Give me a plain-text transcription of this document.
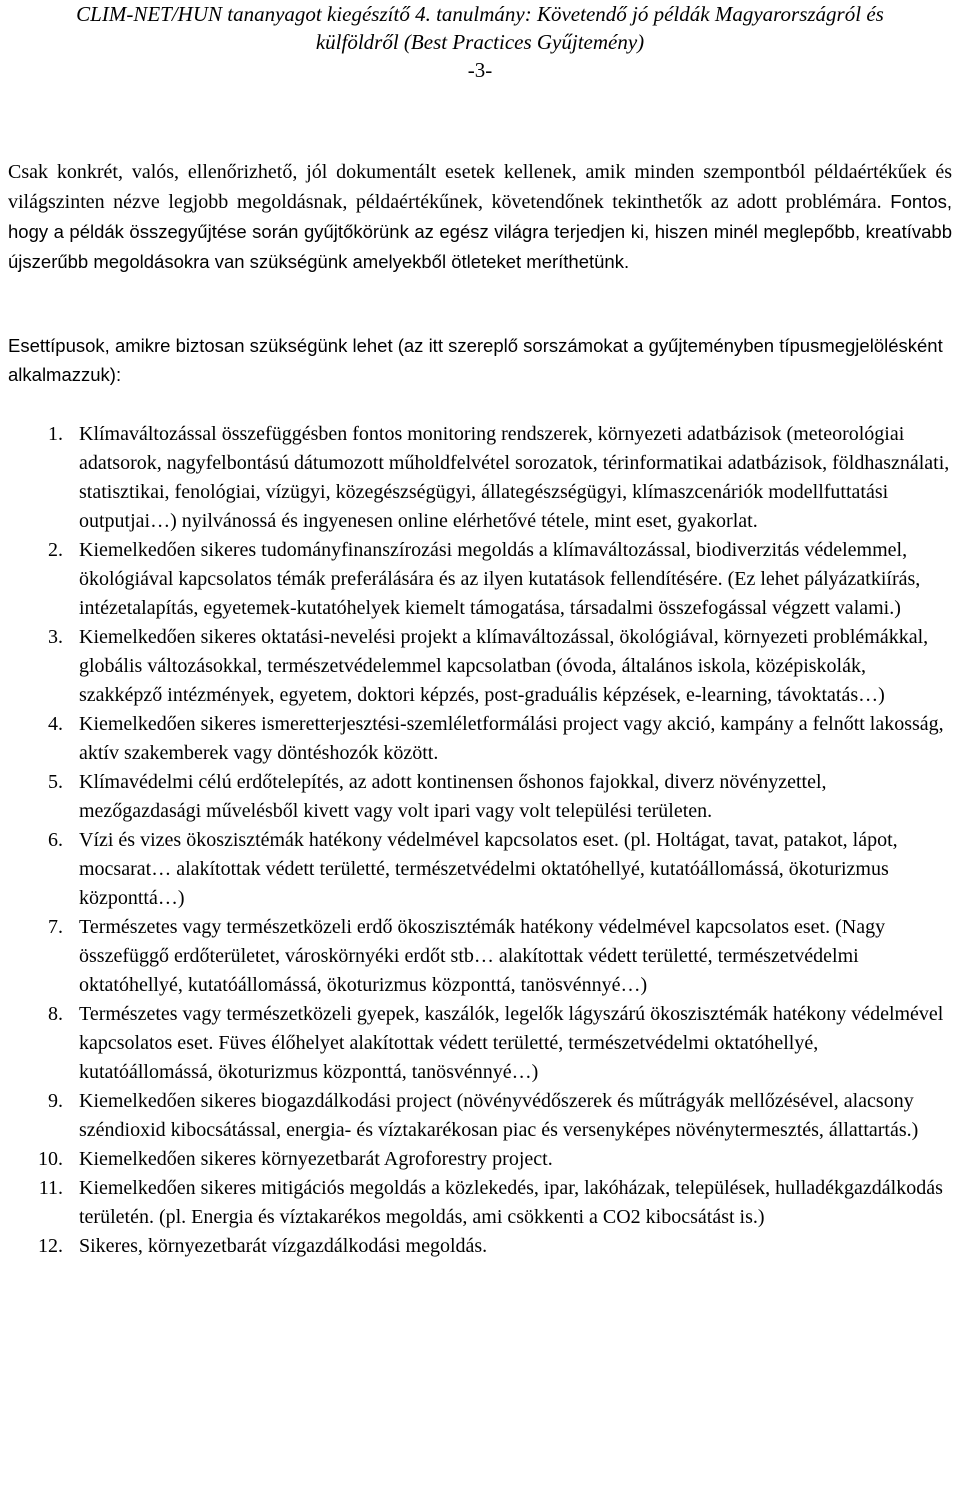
CLIM-NET/HUN tananyagot kiegészítő 4. tanulmány: Követendő jó példák Magyarországról és
külföldről (Best Practices Gyűjtemény)
-3-

Csak konkrét, valós, ellenőrizhető, jól dokumentált esetek kellenek, amik minden szempontból példaértékűek és világszinten nézve legjobb megoldásnak, példaértékűnek, követendőnek tekinthetők az adott problémára. Fontos, hogy a példák összegyűjtése során gyűjtőkörünk az egész világra terjedjen ki, hiszen minél meglepőbb, kreatívabb újszerűbb megoldásokra van szükségünk amelyekből ötleteket meríthetünk.

Esettípusok, amikre biztosan szükségünk lehet (az itt szereplő sorszámokat a gyűjteményben típusmegjelölésként alkalmazzuk):

1. Klímaváltozással összefüggésben fontos monitoring rendszerek, környezeti adatbázisok (meteorológiai adatsorok, nagyfelbontású dátumozott műholdfelvétel sorozatok, térinformatikai adatbázisok, földhasználati, statisztikai, fenológiai, vízügyi, közegészségügyi, állategészségügyi, klímaszcenáriók modellfuttatási outputjai…) nyilvánossá és ingyenesen online elérhetővé tétele, mint eset, gyakorlat.
2. Kiemelkedően sikeres tudományfinanszírozási megoldás a klímaváltozással, biodiverzitás védelemmel, ökológiával kapcsolatos témák preferálására és az ilyen kutatások fellendítésére. (Ez lehet pályázatkiírás, intézetalapítás, egyetemek-kutatóhelyek kiemelt támogatása, társadalmi összefogással végzett valami.)
3. Kiemelkedően sikeres oktatási-nevelési projekt a klímaváltozással, ökológiával, környezeti problémákkal, globális változásokkal, természetvédelemmel kapcsolatban (óvoda, általános iskola, középiskolák, szakképző intézmények, egyetem, doktori képzés, post-graduális képzések, e-learning, távoktatás…)
4. Kiemelkedően sikeres ismeretterjesztési-szemléletformálási project vagy akció, kampány a felnőtt lakosság, aktív szakemberek vagy döntéshozók között.
5. Klímavédelmi célú erdőtelepítés, az adott kontinensen őshonos fajokkal, diverz növényzettel, mezőgazdasági művelésből kivett vagy volt ipari vagy volt települési területen.
6. Vízi és vizes ökoszisztémák hatékony védelmével kapcsolatos eset. (pl. Holtágat, tavat, patakot, lápot, mocsarat… alakítottak védett területté, természetvédelmi oktatóhellyé, kutatóállomássá, ökoturizmus központtá…)
7. Természetes vagy természetközeli erdő ökoszisztémák hatékony védelmével kapcsolatos eset. (Nagy összefüggő erdőterületet, városkörnyéki erdőt stb… alakítottak védett területté, természetvédelmi oktatóhellyé, kutatóállomássá, ökoturizmus központtá, tanösvénnyé…)
8. Természetes vagy természetközeli gyepek, kaszálók, legelők lágyszárú ökoszisztémák hatékony védelmével kapcsolatos eset. Füves élőhelyet alakítottak védett területté, természetvédelmi oktatóhellyé, kutatóállomássá, ökoturizmus központtá, tanösvénnyé…)
9. Kiemelkedően sikeres biogazdálkodási project (növényvédőszerek és műtrágyák mellőzésével, alacsony széndioxid kibocsátással, energia- és víztakarékosan piac és versenyképes növénytermesztés, állattartás.)
10. Kiemelkedően sikeres környezetbarát Agroforestry project.
11. Kiemelkedően sikeres mitigációs megoldás a közlekedés, ipar, lakóházak, települések, hulladékgazdálkodás területén. (pl. Energia és víztakarékos megoldás, ami csökkenti a CO2 kibocsátást is.)
12. Sikeres, környezetbarát vízgazdálkodási megoldás.
